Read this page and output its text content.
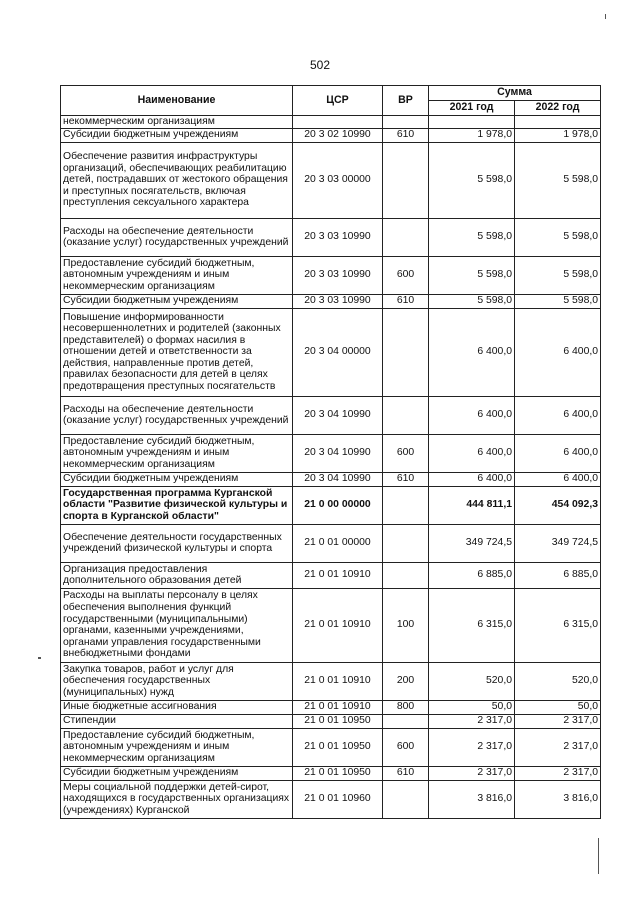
502
Наименование	ЦСР	ВР	Сумма	
			2021 год	2022 год
некоммерческим организациям				
Субсидии бюджетным учреждениям	20 3 02 10990	610	1 978,0	1 978,0
Обеспечение развития инфраструктуры организаций, обеспечивающих реабилитацию детей, пострадавших от жестокого обращения и преступных посягательств, включая преступления сексуального характера	20 3 03 00000		5 598,0	5 598,0
Расходы на обеспечение деятельности (оказание услуг) государственных учреждений	20 3 03 10990		5 598,0	5 598,0
Предоставление субсидий бюджетным, автономным учреждениям и иным некоммерческим организациям	20 3 03 10990	600	5 598,0	5 598,0
Субсидии бюджетным учреждениям	20 3 03 10990	610	5 598,0	5 598,0
Повышение информированности несовершеннолетних и родителей (законных представителей) о формах насилия в отношении детей и ответственности за действия, направленные против детей, правилах безопасности для детей в целях предотвращения преступных посягательств	20 3 04 00000		6 400,0	6 400,0
Расходы на обеспечение деятельности (оказание услуг) государственных учреждений	20 3 04 10990		6 400,0	6 400,0
Предоставление субсидий бюджетным, автономным учреждениям и иным некоммерческим организациям	20 3 04 10990	600	6 400,0	6 400,0
Субсидии бюджетным учреждениям	20 3 04 10990	610	6 400,0	6 400,0
Государственная программа Курганской области "Развитие физической культуры и спорта в Курганской области"	21 0 00 00000		444 811,1	454 092,3
Обеспечение деятельности государственных учреждений физической культуры и спорта	21 0 01 00000		349 724,5	349 724,5
Организация предоставления дополнительного образования детей	21 0 01 10910		6 885,0	6 885,0
Расходы на выплаты персоналу в целях обеспечения выполнения функций государственными (муниципальными) органами, казенными учреждениями, органами управления государственными внебюджетными фондами	21 0 01 10910	100	6 315,0	6 315,0
Закупка товаров, работ и услуг для обеспечения государственных (муниципальных) нужд	21 0 01 10910	200	520,0	520,0
Иные бюджетные ассигнования	21 0 01 10910	800	50,0	50,0
Стипендии	21 0 01 10950		2 317,0	2 317,0
Предоставление субсидий бюджетным, автономным учреждениям и иным некоммерческим организациям	21 0 01 10950	600	2 317,0	2 317,0
Субсидии бюджетным учреждениям	21 0 01 10950	610	2 317,0	2 317,0
Меры социальной поддержки детей-сирот, находящихся в государственных организациях (учреждениях) Курганской	21 0 01 10960		3 816,0	3 816,0
